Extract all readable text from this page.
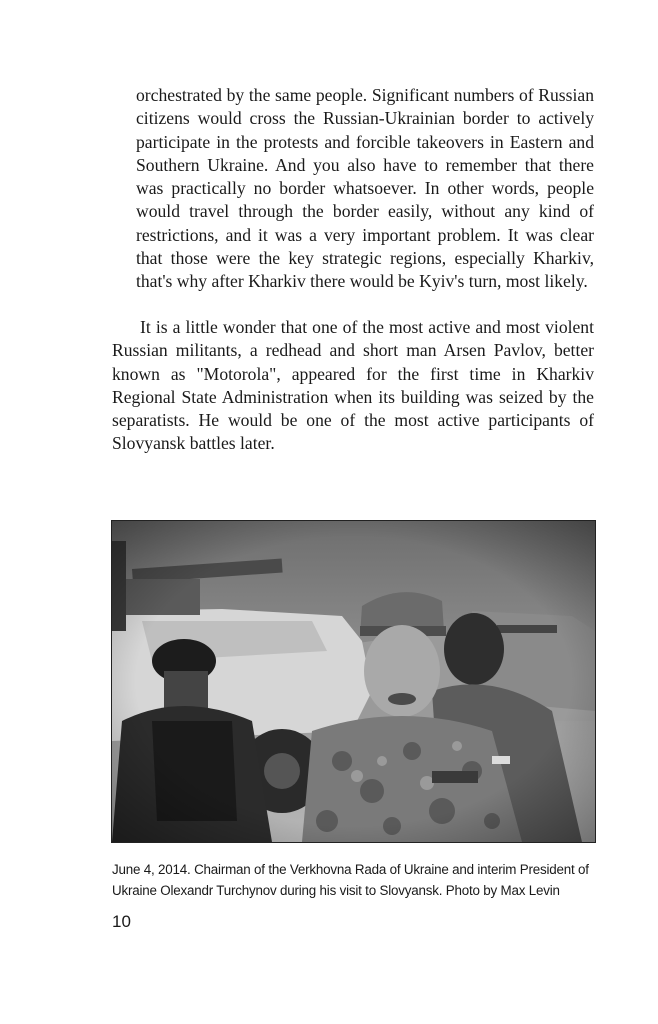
orchestrated by the same people. Significant numbers of Russian citizens would cross the Russian-Ukrainian border to actively participate in the protests and forcible takeovers in Eastern and Southern Ukraine. And you also have to remember that there was practically no border whatsoever. In other words, people would travel through the border easily, without any kind of restrictions, and it was a very important problem. It was clear that those were the key strategic regions, especially Kharkiv, that's why after Kharkiv there would be Kyiv's turn, most likely.

It is a little wonder that one of the most active and most violent Russian militants, a redhead and short man Arsen Pavlov, better known as "Motorola", appeared for the first time in Kharkiv Regional State Administration when its building was seized by the separatists. He would be one of the most active participants of Slovyansk battles later.

June 4, 2014. Chairman of the Verkhovna Rada of Ukraine and interim President of Ukraine Olexandr Turchynov during his visit to Slovyansk. Photo by Max Levin

10
